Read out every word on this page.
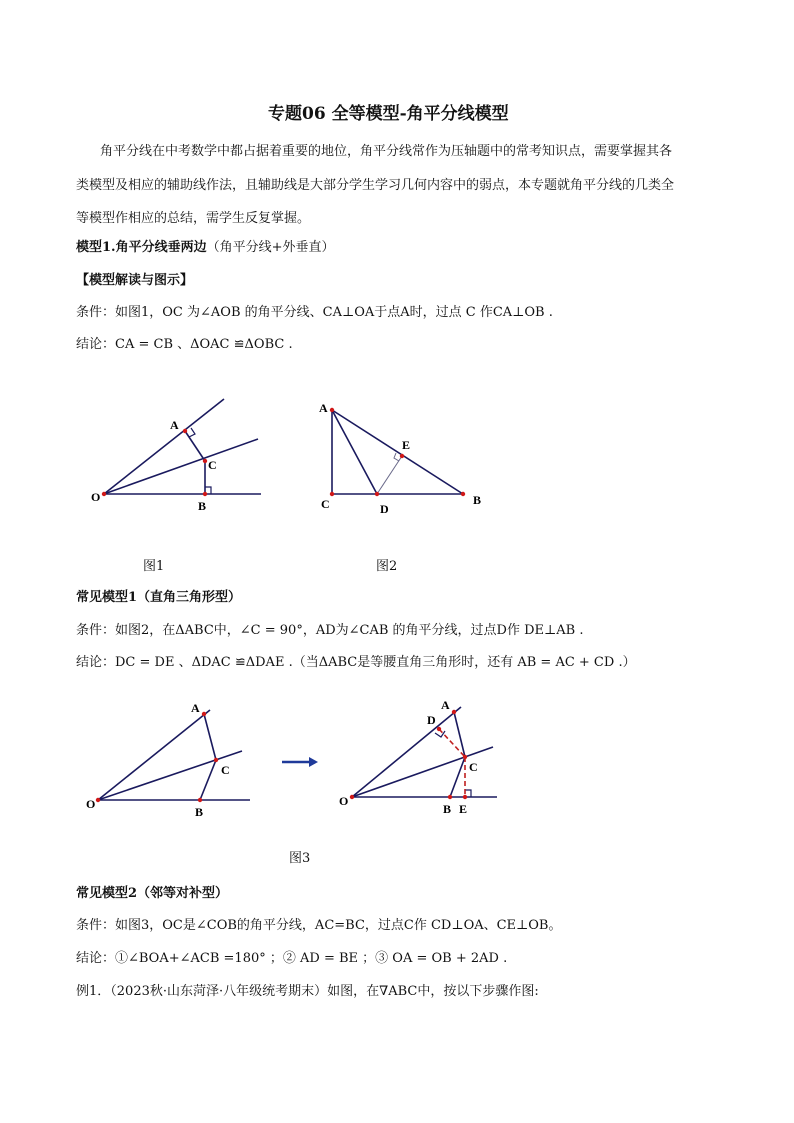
专题06 全等模型-角平分线模型
角平分线在中考数学中都占据着重要的地位，角平分线常作为压轴题中的常考知识点，需要掌握其各
类模型及相应的辅助线作法，且辅助线是大部分学生学习几何内容中的弱点，本专题就角平分线的几类全
等模型作相应的总结，需学生反复掌握。
模型1.角平分线垂两边（角平分线+外垂直）
【模型解读与图示】
条件：如图1，OC 为∠AOB 的角平分线、CA⊥OA于点A时，过点 C 作CA⊥OB .
结论：CA = CB 、ΔOAC ≌ΔOBC .
A
C
O
B
图1
A
E
C	D
B
图2
常见模型1（直角三角形型）
条件：如图2，在ΔABC中，∠C = 90°，AD为∠CAB 的角平分线，过点D作 DE⊥AB .
结论：DC = DE 、ΔDAC ≌ΔDAE .（当ΔABC是等腰直角三角形时，还有 AB = AC + CD .）
A
C
O
B
A
D
C
O
B E
图3
常见模型2（邻等对补型）
条件：如图3，OC是∠COB的角平分线，AC=BC，过点C作 CD⊥OA、CE⊥OB。
结论：①∠BOA+∠ACB =180° ；② AD = BE ；③ OA = OB + 2AD .
例1．（2023秋·山东菏泽·八年级统考期末）如图，在∇ABC中，按以下步骤作图:
